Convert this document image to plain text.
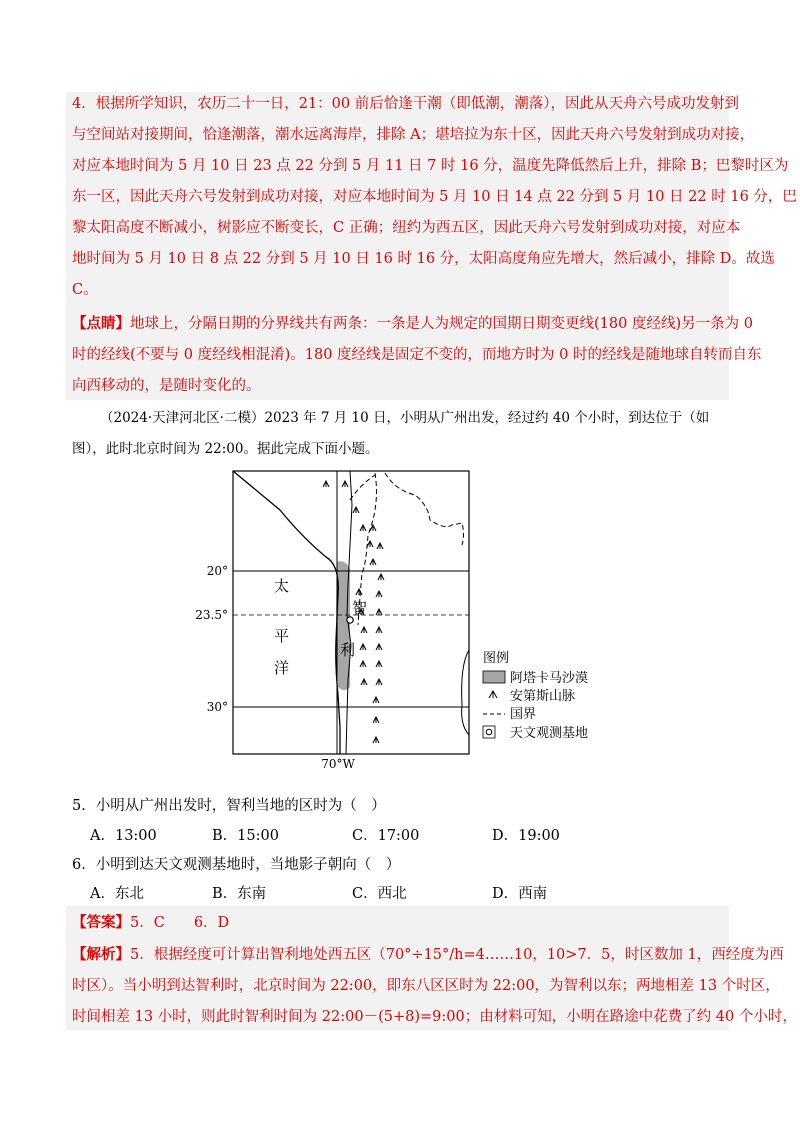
4．根据所学知识，农历二十一日，21：00 前后恰逢干潮（即低潮，潮落），因此从天舟六号成功发射到
与空间站对接期间，恰逢潮落，潮水远离海岸，排除 A；堪培拉为东十区，因此天舟六号发射到成功对接，
对应本地时间为 5 月 10 日 23 点 22 分到 5 月 11 日 7 时 16 分，温度先降低然后上升，排除 B；巴黎时区为
东一区，因此天舟六号发射到成功对接，对应本地时间为 5 月 10 日 14 点 22 分到 5 月 10 日 22 时 16 分，巴
黎太阳高度不断减小，树影应不断变长，C 正确；纽约为西五区，因此天舟六号发射到成功对接，对应本
地时间为 5 月 10 日 8 点 22 分到 5 月 10 日 16 时 16 分，太阳高度角应先增大，然后减小，排除 D。故选
C。
【点睛】地球上，分隔日期的分界线共有两条：一条是人为规定的国期日期变更线(180 度经线)另一条为 0
时的经线(不要与 0 度经线相混淆)。180 度经线是固定不变的，而地方时为 0 时的经线是随地球自转而自东
向西移动的，是随时变化的。
（2024·天津河北区·二模）2023 年 7 月 10 日，小明从广州出发，经过约 40 个小时，到达位于（如
图），此时北京时间为 22:00。据此完成下面小题。
20°
23.5°
30°
70°W
太
平
洋
智
利	图例
阿塔卡马沙漠
安第斯山脉
国界
天文观测基地
5．小明从广州出发时，智利当地的区时为（　）
A．13:00	B．15:00	C．17:00	D．19:00
6．小明到达天文观测基地时，当地影子朝向（　）
A．东北	B．东南	C．西北	D．西南
【答案】5．C　　6．D
【解析】5．根据经度可计算出智利地处西五区（70°÷15°/h=4……10，10>7．5，时区数加 1，西经度为西
时区）。当小明到达智利时，北京时间为 22:00，即东八区区时为 22:00，为智利以东；两地相差 13 个时区，
时间相差 13 小时，则此时智利时间为 22:00－(5+8)=9:00；由材料可知，小明在路途中花费了约 40 个小时，
